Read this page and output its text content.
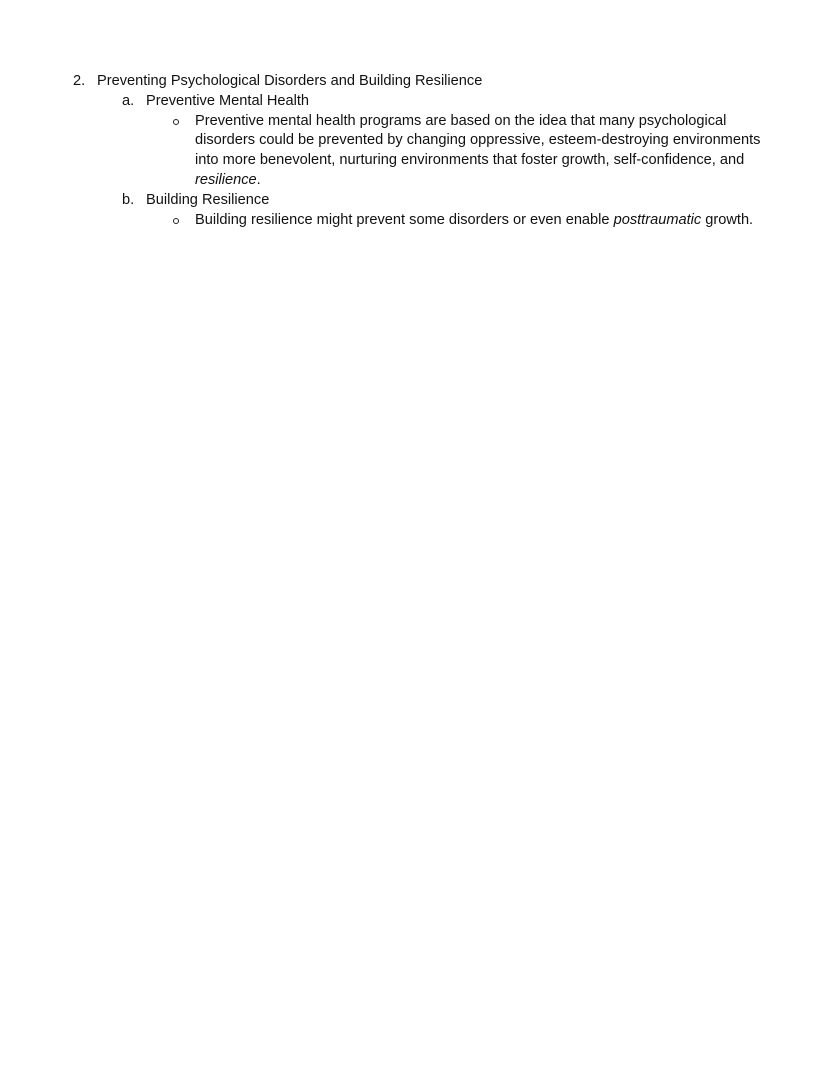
2. Preventing Psychological Disorders and Building Resilience
a. Preventive Mental Health
Preventive mental health programs are based on the idea that many psychological
disorders could be prevented by changing oppressive, esteem-destroying environments
into more benevolent, nurturing environments that foster growth, self-confidence, and
resilience.
b. Building Resilience
Building resilience might prevent some disorders or even enable posttraumatic growth.
